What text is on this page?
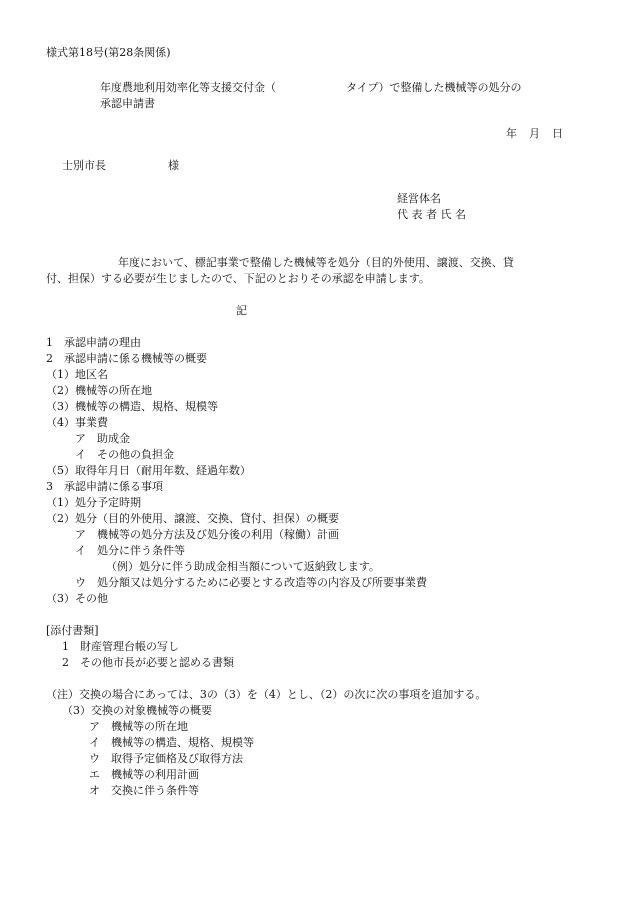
様式第18号(第28条関係)
年度農地利用効率化等支援交付金（	タイプ）で整備した機械等の処分の
承認申請書
年 月 日
士別市長	様
経営体名
代 表 者 氏 名
年度において、標記事業で整備した機械等を処分（目的外使用、譲渡、交換、貸
付、担保）する必要が生じましたので、下記のとおりその承認を申請します。
記
1　承認申請の理由
2　承認申請に係る機械等の概要
（1）地区名
（2）機械等の所在地
（3）機械等の構造、規格、規模等
（4）事業費
ア　助成金
イ　その他の負担金
（5）取得年月日（耐用年数、経過年数）
3　承認申請に係る事項
（1）処分予定時期
（2）処分（目的外使用、譲渡、交換、貸付、担保）の概要
ア　機械等の処分方法及び処分後の利用（稼働）計画
イ　処分に伴う条件等
（例）処分に伴う助成金相当額について返納致します。
ウ　処分額又は処分するために必要とする改造等の内容及び所要事業費
（3）その他
[添付書類]
1　財産管理台帳の写し
2　その他市長が必要と認める書類
（注）交換の場合にあっては、3の（3）を（4）とし、（2）の次に次の事項を追加する。
（3）交換の対象機械等の概要
ア　機械等の所在地
イ　機械等の構造、規格、規模等
ウ　取得予定価格及び取得方法
エ　機械等の利用計画
オ　交換に伴う条件等
